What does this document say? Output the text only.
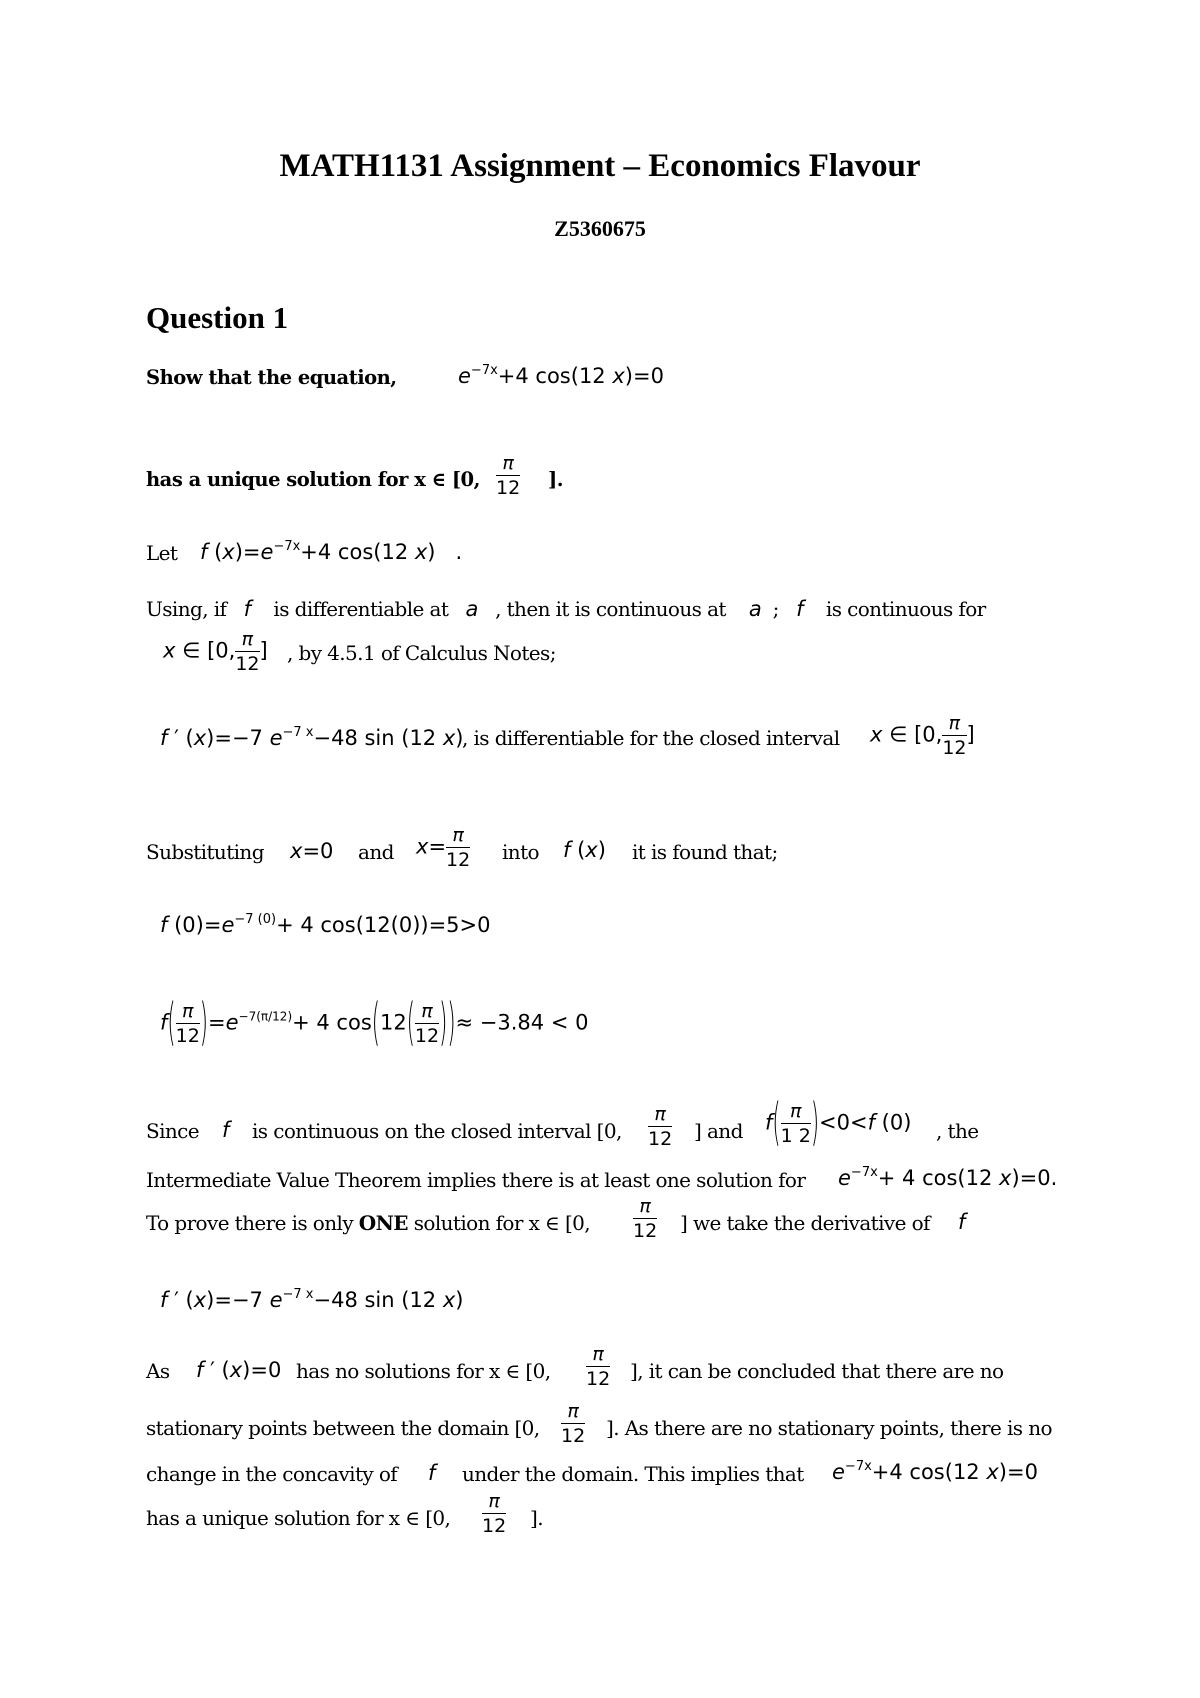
MATH1131 Assignment – Economics Flavour
Z5360675
Question 1
Show that the equation,	$e^{-7x}+4$ cos(12 x)=0
has a unique solution for x ∈ [0, $\frac{\pi}{12}$ ].
Let f $(x)=e^{-7x}+4$ cos(12 x)   .
Using, if   f    is differentiable at   a   , then it is continuous at    a  ;   f    is continuous for
x ∈ [0, $\frac{\pi}{12}$ ] , by 4.5.1 of Calculus Notes;
f ′ (x)=−7 $e^{-7 x}-48$ sin (12 x)
, is differentiable for the closed interval x ∈ [0, $\frac{\pi}{12}$ ]
Substituting x=0 and $x= \frac{\pi}{12}$ into f (x) it is found that;
f $(0)=e^{-7 (0)}+ 4$ cos(12(0))=5>0
$f( \frac{\pi}{12} )=e^{-7(\pi/12)}+ 4$ $\cos(12( \frac{\pi}{12}$ ))≈ −3.84 < 0
Since f is continuous on the closed interval [0, $\frac{\pi}{12}$ ] and $f( \frac{\pi}{1 2} )<0<f$ (0) , the
Intermediate Value Theorem implies there is at least one solution for $e^{-7x}+ 4$ cos(12 x)=0.
To prove there is only ONE solution for x ∈ [0, $\frac{\pi}{12}$ ] we take the derivative of f
f ′ (x)=−7 $e^{-7 x}-48$ sin (12 x)
As f ′ (x)=0 has no solutions for x ∈ [0, $\frac{\pi}{12}$ ], it can be concluded that there are no
stationary points between the domain [0, $\frac{\pi}{12}$ ]. As there are no stationary points, there is no
change in the concavity of f under the domain. This implies that $e^{-7x}+4$ cos(12 x)=0
has a unique solution for x ∈ [0, $\frac{\pi}{12}$ ].
